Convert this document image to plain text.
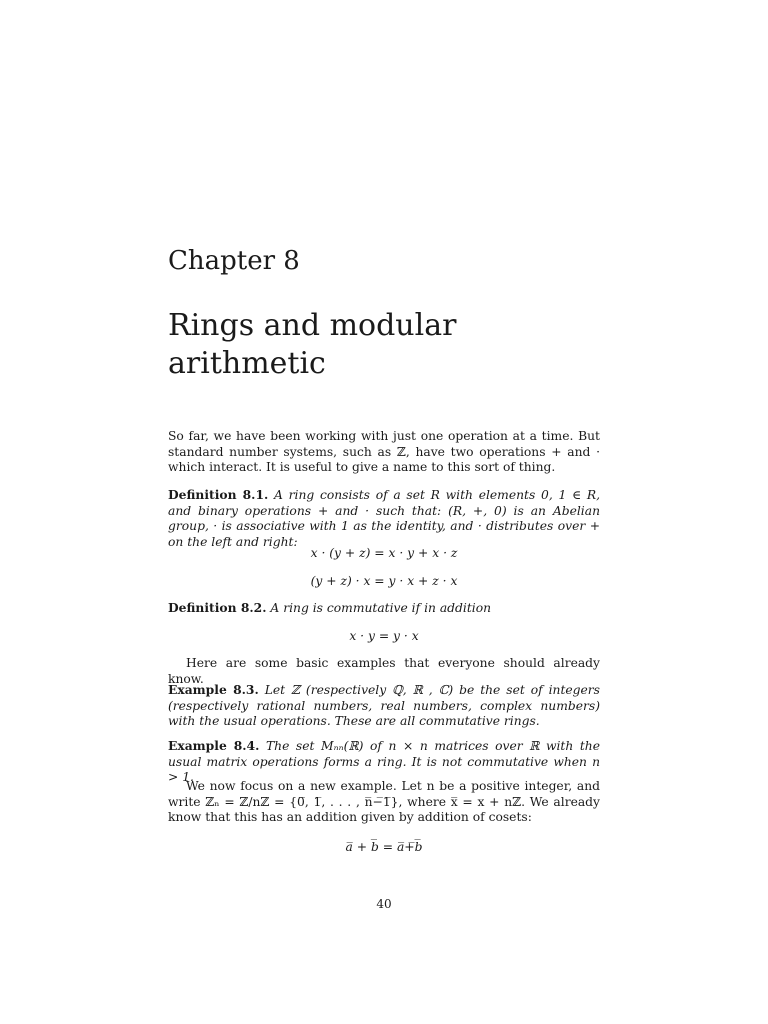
Chapter 8
Rings and modular arithmetic
So far, we have been working with just one operation at a time. But standard number systems, such as ℤ, have two operations + and · which interact. It is useful to give a name to this sort of thing.
Definition 8.1. A ring consists of a set R with elements 0, 1 ∈ R, and binary operations + and · such that: (R, +, 0) is an Abelian group, · is associative with 1 as the identity, and · distributes over + on the left and right:
x · (y + z) = x · y + x · z
(y + z) · x = y · x + z · x
Definition 8.2. A ring is commutative if in addition
x · y = y · x
Here are some basic examples that everyone should already know.
Example 8.3. Let ℤ (respectively ℚ, ℝ , ℂ) be the set of integers (respectively rational numbers, real numbers, complex numbers) with the usual operations. These are all commutative rings.
Example 8.4. The set Mₙₙ(ℝ) of n × n matrices over ℝ with the usual matrix operations forms a ring. It is not commutative when n > 1.
We now focus on a new example. Let n be a positive integer, and write ℤₙ = ℤ/nℤ = {0̅, 1̅, . . . , n̅−̅1̅}, where x̅ = x + nℤ. We already know that this has an addition given by addition of cosets:
a̅ + b̅ = a̅+̅b̅
40
